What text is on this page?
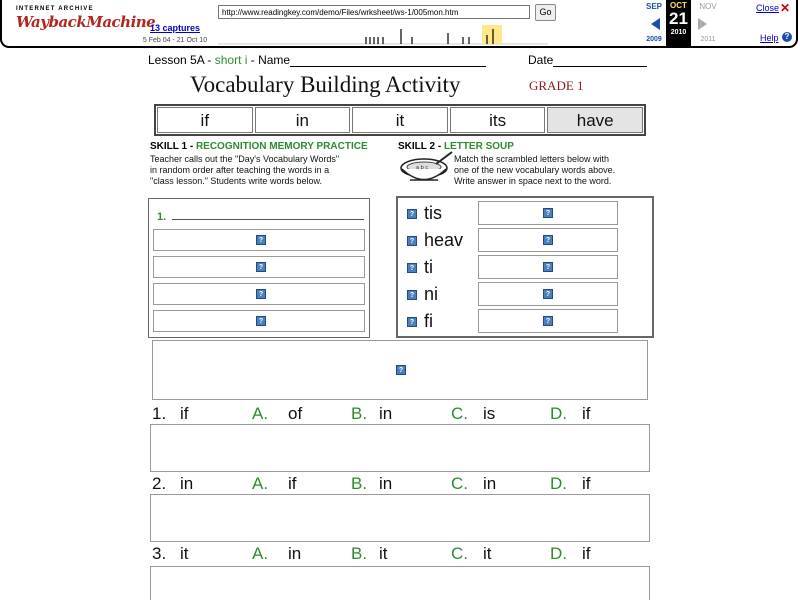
INTERNET ARCHIVE
WaybackMachine
http://www.readingkey.com/demo/Files/wrksheet/ws-1/005mon.htm	Go
13 captures
5 Feb 04 - 21 Oct 10
SEP	OCT
21
2010
NOV
2009	2011
Close ✕
Help ?
Lesson 5A - short i - Name	Date
Vocabulary Building Activity	GRADE 1
if	in	it	its	have
SKILL 1 - RECOGNITION MEMORY PRACTICE
Teacher calls out the "Day's Vocabulary Words"
in random order after teaching the words in a
"class lesson." Students write words below.
1.
?
?
?
?
a b c
SKILL 2 - LETTER SOUP
Match the scrambled letters below with
one of the new vocabulary words above.
Write answer in space next to the word.
? tis	?
? heav	?
? ti	?
? ni	?
? fi	?
?
1. if	A. of	B. in	C. is	D. if
2. in	A. if	B. in	C. in	D. if
3. it	A. in	B. it	C. it	D. if
